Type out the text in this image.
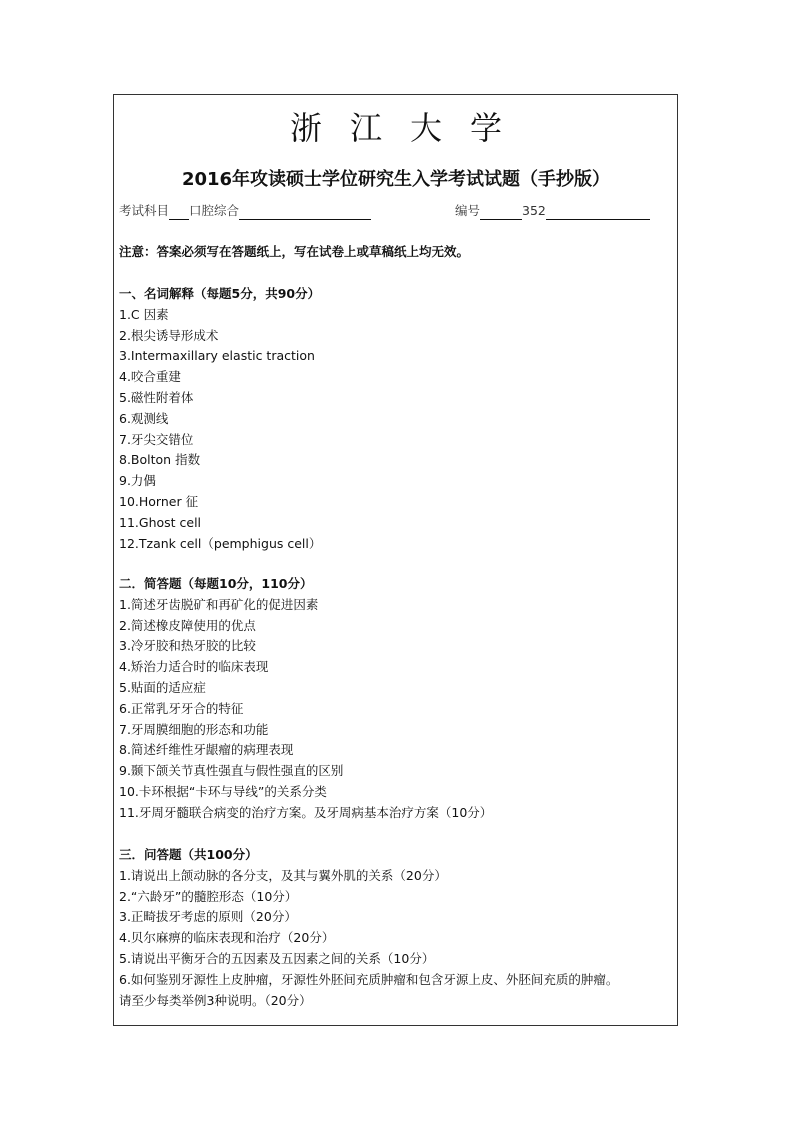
浙江大学
2016年攻读硕士学位研究生入学考试试题（手抄版）
考试科目 口腔综合	编号	352
注意：答案必须写在答题纸上，写在试卷上或草稿纸上均无效。
一、名词解释（每题5分，共90分）
1.C 因素
2.根尖诱导形成术
3.Intermaxillary elastic traction
4.咬合重建
5.磁性附着体
6.观测线
7.牙尖交错位
8.Bolton 指数
9.力偶
10.Horner 征
11.Ghost cell
12.Tzank cell（pemphigus cell）
二．简答题（每题10分，110分）
1.简述牙齿脱矿和再矿化的促进因素
2.简述橡皮障使用的优点
3.冷牙胶和热牙胶的比较
4.矫治力适合时的临床表现
5.贴面的适应症
6.正常乳牙牙合的特征
7.牙周膜细胞的形态和功能
8.简述纤维性牙龈瘤的病理表现
9.颞下颌关节真性强直与假性强直的区别
10.卡环根据“卡环与导线”的关系分类
11.牙周牙髓联合病变的治疗方案。及牙周病基本治疗方案（10分）
三．问答题（共100分）
1.请说出上颌动脉的各分支，及其与翼外肌的关系（20分）
2.“六龄牙”的髓腔形态（10分）
3.正畸拔牙考虑的原则（20分）
4.贝尔麻痹的临床表现和治疗（20分）
5.请说出平衡牙合的五因素及五因素之间的关系（10分）
6.如何鉴别牙源性上皮肿瘤，牙源性外胚间充质肿瘤和包含牙源上皮、外胚间充质的肿瘤。
请至少每类举例3种说明。（20分）
